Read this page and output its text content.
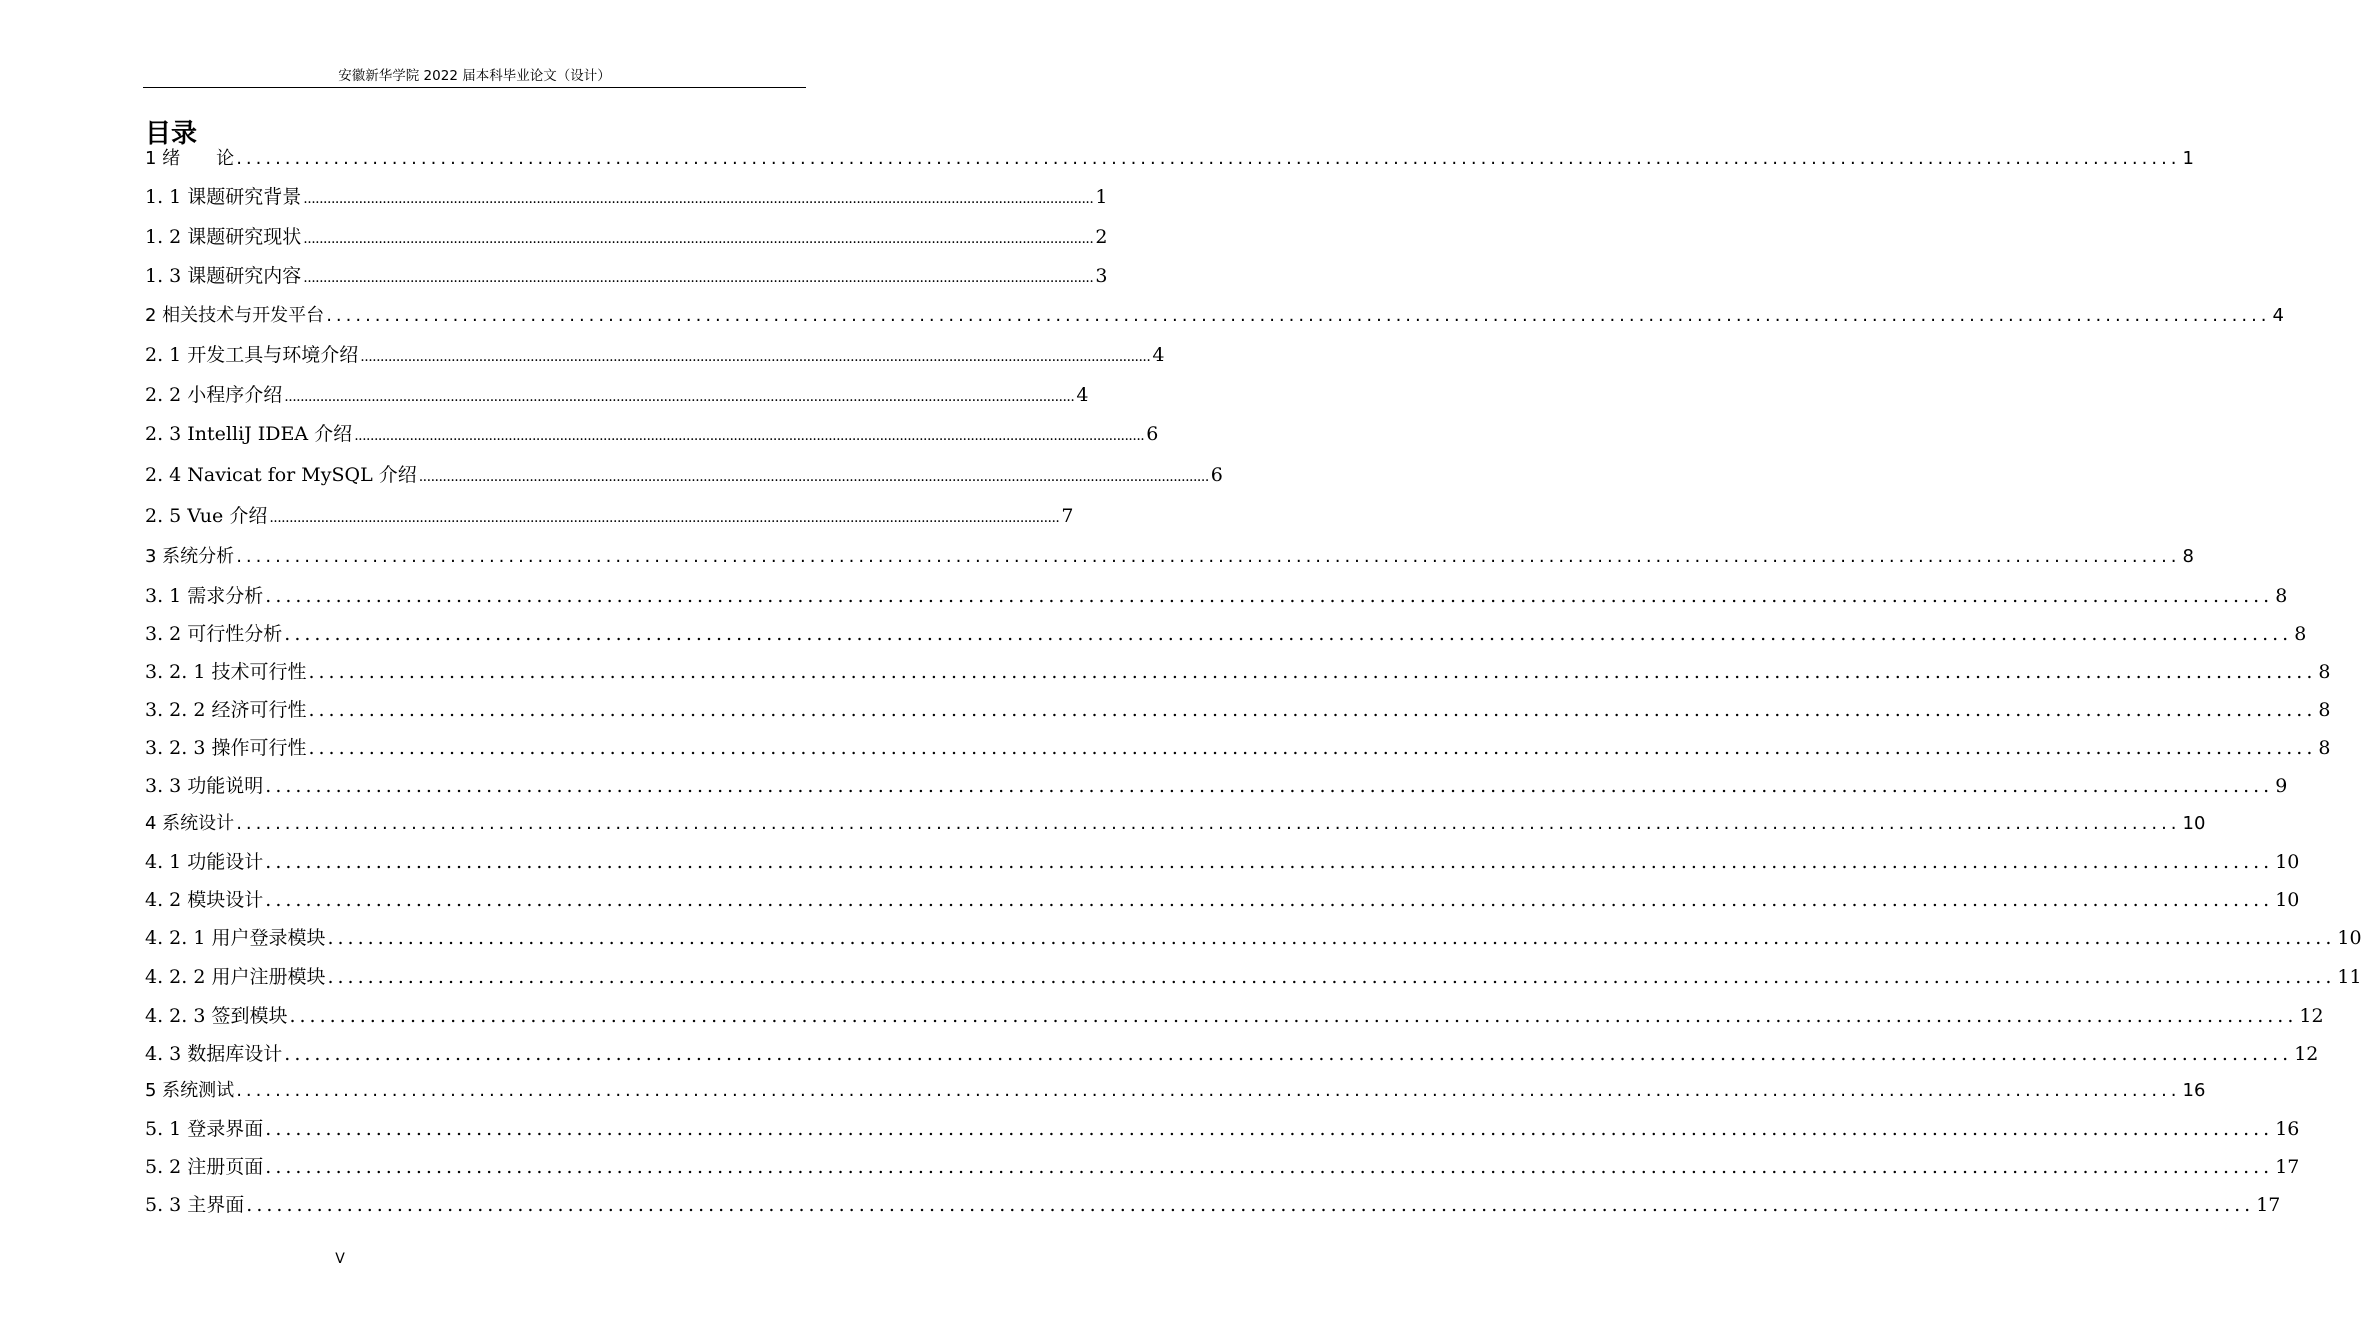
安徽新华学院 2022 届本科毕业论文（设计）
目录
1 绪　　论 ........................................................................................................................................................................................................ 1
1. 1 课题研究背景 ........................................................................................................................................................................................................ 1
1. 2 课题研究现状 ........................................................................................................................................................................................................ 2
1. 3 课题研究内容 ........................................................................................................................................................................................................ 3
2 相关技术与开发平台 ........................................................................................................................................................................................................ 4
2. 1 开发工具与环境介绍 ........................................................................................................................................................................................................ 4
2. 2 小程序介绍 ........................................................................................................................................................................................................ 4
2. 3 IntelliJ IDEA 介绍 ........................................................................................................................................................................................................ 6
2. 4 Navicat for MySQL 介绍 ........................................................................................................................................................................................................ 6
2. 5 Vue 介绍 ........................................................................................................................................................................................................ 7
3 系统分析 ........................................................................................................................................................................................................ 8
3. 1 需求分析 ........................................................................................................................................................................................................ 8
3. 2 可行性分析 ........................................................................................................................................................................................................ 8
3. 2. 1 技术可行性 ........................................................................................................................................................................................................ 8
3. 2. 2 经济可行性 ........................................................................................................................................................................................................ 8
3. 2. 3 操作可行性 ........................................................................................................................................................................................................ 8
3. 3 功能说明 ........................................................................................................................................................................................................ 9
4 系统设计 ........................................................................................................................................................................................................ 10
4. 1 功能设计 ........................................................................................................................................................................................................ 10
4. 2 模块设计 ........................................................................................................................................................................................................ 10
4. 2. 1 用户登录模块 ........................................................................................................................................................................................................ 10
4. 2. 2 用户注册模块 ........................................................................................................................................................................................................ 11
4. 2. 3 签到模块 ........................................................................................................................................................................................................ 12
4. 3 数据库设计 ........................................................................................................................................................................................................ 12
5 系统测试 ........................................................................................................................................................................................................ 16
5. 1 登录界面 ........................................................................................................................................................................................................ 16
5. 2 注册页面 ........................................................................................................................................................................................................ 17
5. 3 主界面 ........................................................................................................................................................................................................ 17
V
